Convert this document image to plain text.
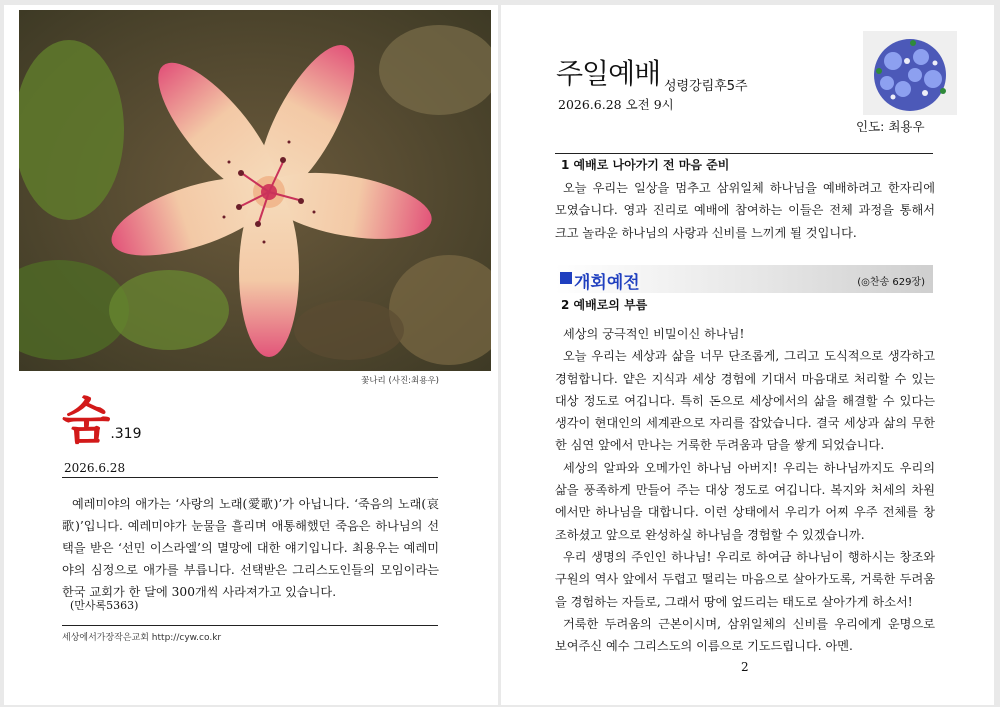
꽃나리 (사진:최용우)
숨 .319
2026.6.28
예레미야의 애가는 ‘사랑의 노래(愛歌)’가 아닙니다. ‘죽음의 노래(哀歌)’입니다. 예레미야가 눈물을 흘리며 애통해했던 죽음은 하나님의 선택을 받은 ‘선민 이스라엘’의 멸망에 대한 얘기입니다. 최용우는 예레미야의 심정으로 애가를 부릅니다. 선택받은 그리스도인들의 모임이라는 한국 교회가 한 달에 300개씩 사라져가고 있습니다.
(만사록5363)
세상에서가장작은교회 http://cyw.co.kr
주일예배 성령강림후5주
2026.6.28 오전 9시
인도: 최용우
1 예배로 나아가기 전 마음 준비

오늘 우리는 일상을 멈추고 삼위일체 하나님을 예배하려고 한자리에 모였습니다. 영과 진리로 예배에 참여하는 이들은 전체 과정을 통해서 크고 놀라운 하나님의 사랑과 신비를 느끼게 될 것입니다.

개회예전	(◎찬송 629장)
2 예배로의 부름

세상의 궁극적인 비밀이신 하나님!

오늘 우리는 세상과 삶을 너무 단조롭게, 그리고 도식적으로 생각하고 경험합니다. 얕은 지식과 세상 경험에 기대서 마음대로 처리할 수 있는 대상 정도로 여깁니다. 특히 돈으로 세상에서의 삶을 해결할 수 있다는 생각이 현대인의 세계관으로 자리를 잡았습니다. 결국 세상과 삶의 무한한 심연 앞에서 만나는 거룩한 두려움과 담을 쌓게 되었습니다.

세상의 알파와 오메가인 하나님 아버지! 우리는 하나님까지도 우리의 삶을 풍족하게 만들어 주는 대상 정도로 여깁니다. 복지와 처세의 차원에서만 하나님을 대합니다. 이런 상태에서 우리가 어찌 우주 전체를 창조하셨고 앞으로 완성하실 하나님을 경험할 수 있겠습니까.

우리 생명의 주인인 하나님! 우리로 하여금 하나님이 행하시는 창조와 구원의 역사 앞에서 두렵고 떨리는 마음으로 살아가도록, 거룩한 두려움을 경험하는 자들로, 그래서 땅에 엎드리는 태도로 살아가게 하소서!

거룩한 두려움의 근본이시며, 삼위일체의 신비를 우리에게 운명으로 보여주신 예수 그리스도의 이름으로 기도드립니다. 아멘.

2
